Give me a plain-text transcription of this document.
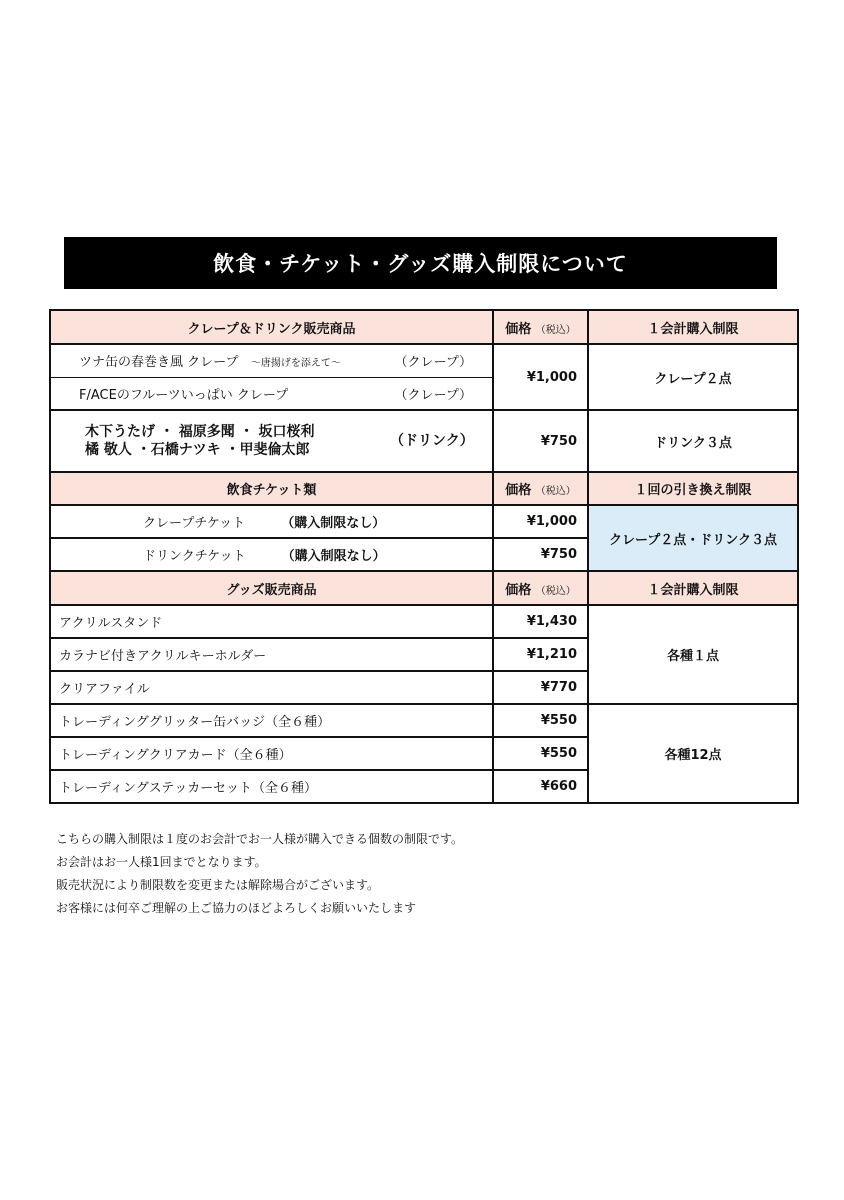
飲食・チケット・グッズ購入制限について
クレープ＆ドリンク販売商品	価格 （税込）	１会計購入制限

ツナ缶の春巻き風 クレープ ～唐揚げを添えて～ （クレープ）	¥1,000	クレープ２点

F/ACEのフルーツいっぱい クレープ （クレープ）		

木下うたげ ・ 福原多聞 ・ 坂口桜利
橘 敬人 ・石橋ナツキ ・甲斐倫太郎
（ドリンク）	¥750	ドリンク３点
飲食チケット類	価格 （税込）	１回の引き換え制限

クレープチケット （購入制限なし）	¥1,000	クレープ２点・ドリンク３点

ドリンクチケット （購入制限なし）	¥750	
グッズ販売商品	価格 （税込）	１会計購入制限
アクリルスタンド	¥1,430	各種１点
カラナビ付きアクリルキーホルダー	¥1,210	
クリアファイル	¥770	
トレーディンググリッター缶バッジ（全６種）	¥550	各種12点
トレーディングクリアカード（全６種）	¥550	
トレーディングステッカーセット（全６種）	¥660	
こちらの購入制限は１度のお会計でお一人様が購入できる個数の制限です。
お会計はお一人様1回までとなります。
販売状況により制限数を変更または解除場合がございます。
お客様には何卒ご理解の上ご協力のほどよろしくお願いいたします
